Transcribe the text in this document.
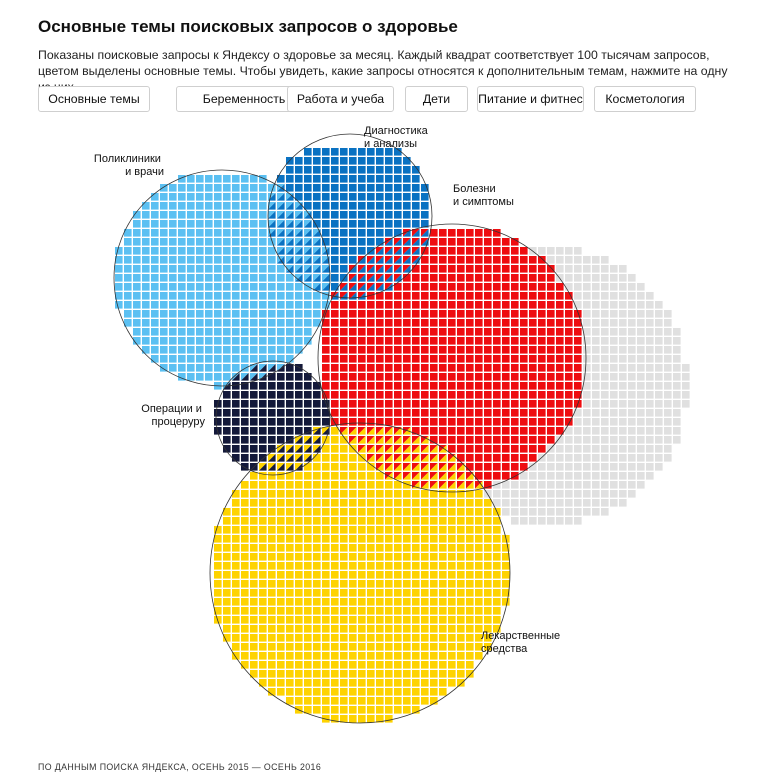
Основные темы поисковых запросов о здоровье

Показаны поисковые запросы к Яндексу о здоровье за месяц. Каждый квадрат соответствует 100 тысячам запросов, цветом выделены основные темы. Чтобы увидеть, какие запросы относятся к дополнительным темам, нажмите на одну

Основные темы	Беременность Работа и учеба	Дети	Питание и фитнес	Косметология
Поликлиники и врачи
Диагностика и анализы
Болезни и симптомы
Операции и процерурy
Лекарственные средства

ПО ДАННЫМ ПОИСКА ЯНДЕКСА, ОСЕНЬ 2015 — ОСЕНЬ 2016
